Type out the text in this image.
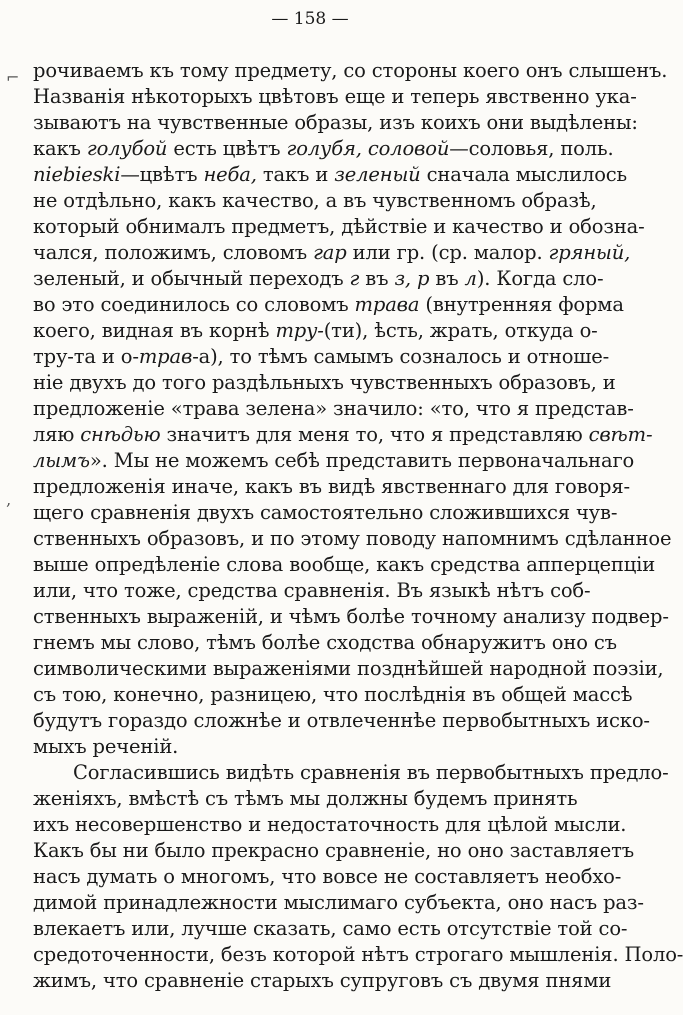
— 158 —
⌐
‚
рочиваемъ къ тому предмету, со стороны коего онъ слышенъ.
Названія нѣкоторыхъ цвѣтовъ еще и теперь явственно ука-
зываютъ на чувственные образы, изъ коихъ они выдѣлены:
какъ голубой есть цвѣтъ голубя, соловой—соловья, поль.
niebieski—цвѣтъ неба, такъ и зеленый сначала мыслилось
не отдѣльно, какъ качество, а въ чувственномъ образѣ,
который обнималъ предметъ, дѣйствіе и качество и обозна-
чался, положимъ, словомъ гар или гр. (ср. малор. гряный,
зеленый, и обычный переходъ г въ з, р въ л). Когда сло-
во это соединилось со словомъ трава (внутренняя форма
коего, видная въ корнѣ тру-(ти), ѣсть, жрать, откуда о-
тру-та и о-трав-а), то тѣмъ самымъ созналось и отноше-
ніе двухъ до того раздѣльныхъ чувственныхъ образовъ, и
предложеніе «трава зелена» значило: «то, что я представ-
ляю снѣдью значитъ для меня то, что я представляю свѣт-
лымъ». Мы не можемъ себѣ представить первоначальнаго
предложенія иначе, какъ въ видѣ явственнаго для говоря-
щего сравненія двухъ самостоятельно сложившихся чув-
ственныхъ образовъ, и по этому поводу напомнимъ сдѣланное
выше опредѣленіе слова вообще, какъ средства апперцепціи
или, что тоже, средства сравненія. Въ языкѣ нѣтъ соб-
ственныхъ выраженій, и чѣмъ болѣе точному анализу подвер-
гнемъ мы слово, тѣмъ болѣе сходства обнаружитъ оно съ
символическими выраженіями позднѣйшей народной поэзіи,
съ тою, конечно, разницею, что послѣднія въ общей массѣ
будутъ гораздо сложнѣе и отвлеченнѣе первобытныхъ иско-
мыхъ реченій.
Согласившись видѣть сравненія въ первобытныхъ предло-
женіяхъ, вмѣстѣ съ тѣмъ мы должны будемъ принять
ихъ несовершенство и недостаточность для цѣлой мысли.
Какъ бы ни было прекрасно сравненіе, но оно заставляетъ
насъ думать о многомъ, что вовсе не составляетъ необхо-
димой принадлежности мыслимаго субъекта, оно насъ раз-
влекаетъ или, лучше сказать, само есть отсутствіе той со-
средоточенности, безъ которой нѣтъ строгаго мышленія. Поло-
жимъ, что сравненіе старыхъ супруговъ съ двумя пнями
